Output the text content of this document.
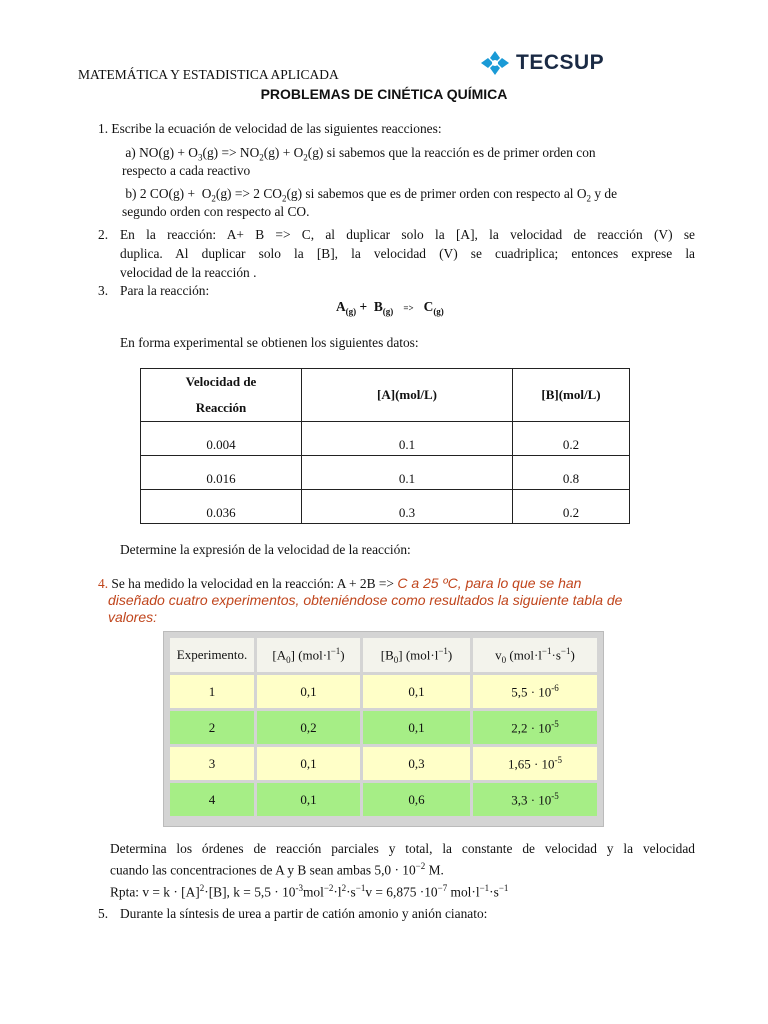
TECSUP
MATEMÁTICA Y ESTADISTICA APLICADA
PROBLEMAS DE CINÉTICA QUÍMICA
1. Escribe la ecuación de velocidad de las siguientes reacciones:
a) $NO(g) + O_3(g) => NO_2(g) + O_2(g)$ si sabemos que la reacción es de primer orden con
respecto a cada reactivo
b) 2 $CO(g) + O_2(g) => 2$ $CO_2(g)$ si sabemos que es de primer orden con respecto al $O_2$ y de
segundo orden con respecto al CO.
2. En la reacción: A+ B => C, al duplicar solo la [A], la velocidad de reacción (V) se
duplica. Al duplicar solo la [B], la velocidad (V) se cuadriplica; entonces exprese la
velocidad de la reacción .
3. Para la reacción:
$A_{(g)} + B_{(g)} => C_{(g)}$
En forma experimental se obtienen los siguientes datos:
Velocidad de
Reacción	[A](mol/L)	[B](mol/L)
0.004	0.1	0.2
0.016	0.1	0.8
0.036	0.3	0.2
Determine la expresión de la velocidad de la reacción:
4. Se ha medido la velocidad en la reacción: A + 2B => C a 25 ºC, para lo que se han
diseñado cuatro experimentos, obteniéndose como resultados la siguiente tabla de
valores:
Experimento.	$[A_0]$ $(mol\cdot l^{-1})$	$[B_0]$ $(mol\cdot l^{-1})$	$v_0$ $(mol\cdot l^{-1}\cdot s^{-1})$
1	0,1	0,1	$5,5 \cdot 10^{-6}$
2	0,2	0,1	$2,2 \cdot 10^{-5}$
3	0,1	0,3	$1,65 \cdot 10^{-5}$
4	0,1	0,6	$3,3 \cdot 10^{-5}$
Determina los órdenes de reacción parciales y total, la constante de velocidad y la velocidad
cuando las concentraciones de A y B sean ambas $5,0 \cdot 10^{-2}$ M.
Rpta: $v = k \cdot [A]^2\cdot[B]$, $k = 5,5 \cdot 10^{-3}mol^{-2}\cdot l^2\cdot s^{-1}v = 6,875 \cdot 10^{-7}$ $mol\cdot l^{-1}\cdot s^{-1}$
5. Durante la síntesis de urea a partir de catión amonio y anión cianato:
